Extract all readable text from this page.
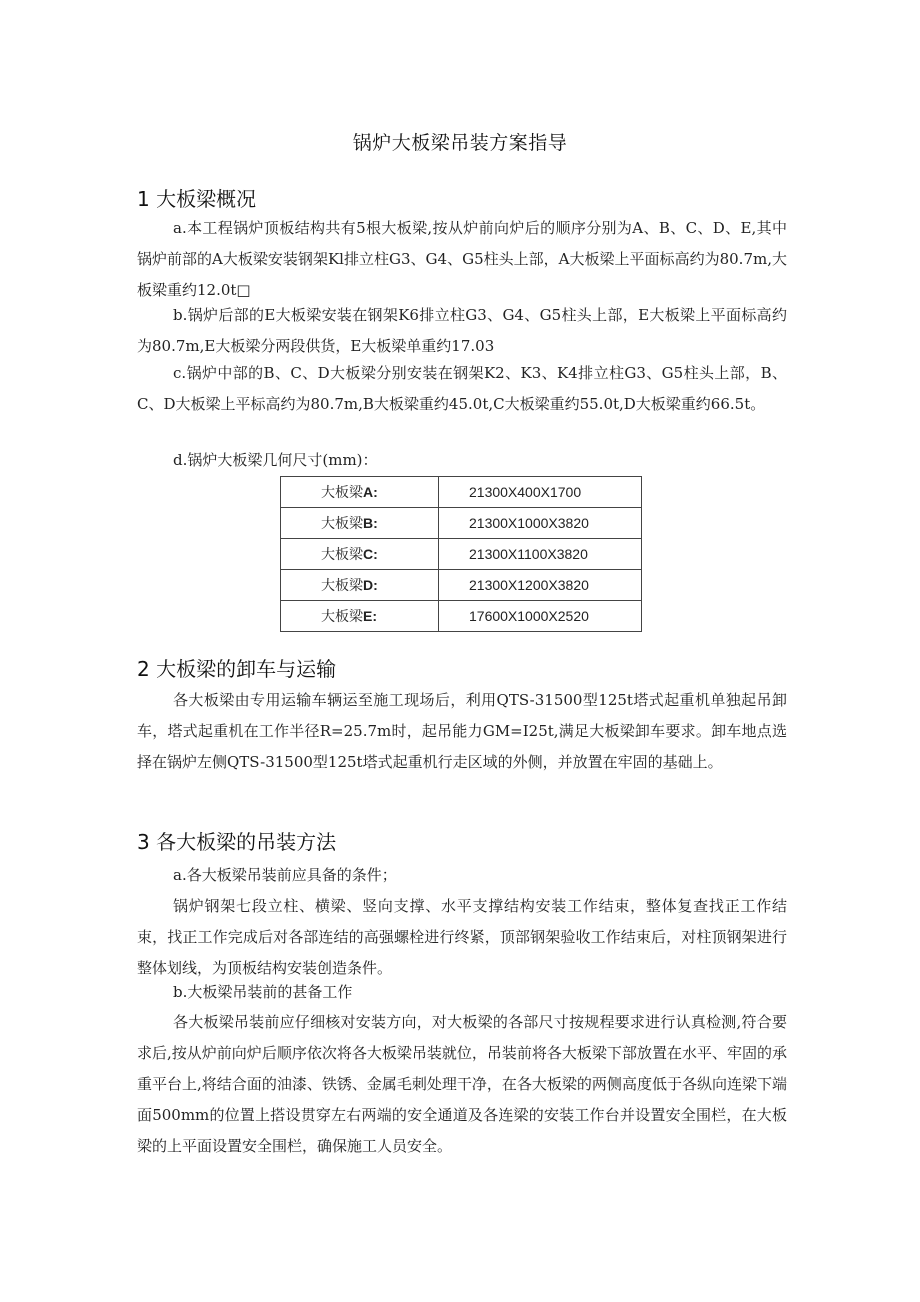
锅炉大板梁吊装方案指导
1 大板梁概况
a.本工程锅炉顶板结构共有5根大板梁,按从炉前向炉后的顺序分别为A、B、C、D、E,其中锅炉前部的A大板梁安装钢架Kl排立柱G3、G4、G5柱头上部，A大板梁上平面标高约为80.7m,大板梁重约12.0t□
b.锅炉后部的E大板梁安装在钢架K6排立柱G3、G4、G5柱头上部，E大板梁上平面标高约为80.7m,E大板梁分两段供货，E大板梁单重约17.03
c.锅炉中部的B、C、D大板梁分别安装在钢架K2、K3、K4排立柱G3、G5柱头上部，B、C、D大板梁上平标高约为80.7m,B大板梁重约45.0t,C大板梁重约55.0t,D大板梁重约66.5t。
d.锅炉大板梁几何尺寸(mm)：
大板梁A:	21300X400X1700
大板梁B:	21300X1000X3820
大板梁C:	21300X1100X3820
大板梁D:	21300X1200X3820
大板梁E:	17600X1000X2520
2 大板梁的卸车与运输
各大板梁由专用运输车辆运至施工现场后，利用QTS-31500型125t塔式起重机单独起吊卸车，塔式起重机在工作半径R=25.7m时，起吊能力GM=I25t,满足大板梁卸车要求。卸车地点选择在锅炉左侧QTS-31500型125t塔式起重机行走区域的外侧，并放置在牢固的基础上。
3 各大板梁的吊装方法
a.各大板梁吊装前应具备的条件；
锅炉钢架七段立柱、横梁、竖向支撑、水平支撑结构安装工作结束，整体复查找正工作结束，找正工作完成后对各部连结的高强螺栓进行终紧，顶部钢架验收工作结束后，对柱顶钢架进行整体划线，为顶板结构安装创造条件。
b.大板梁吊装前的甚备工作
各大板梁吊装前应仔细核对安装方向，对大板梁的各部尺寸按规程要求进行认真检测,符合要求后,按从炉前向炉后顺序依次将各大板梁吊装就位，吊装前将各大板梁下部放置在水平、牢固的承重平台上,将结合面的油漆、铁锈、金属毛刺处理干净，在各大板梁的两侧高度低于各纵向连梁下端面500mm的位置上搭设贯穿左右两端的安全通道及各连梁的安装工作台并设置安全围栏，在大板梁的上平面设置安全围栏，确保施工人员安全。
